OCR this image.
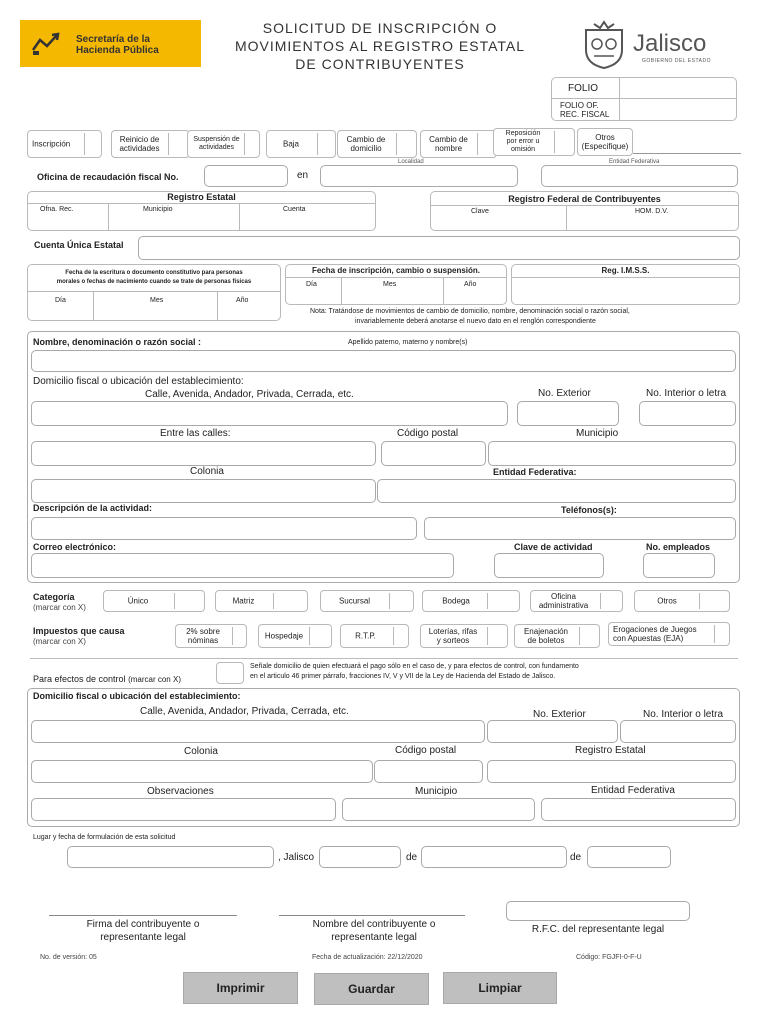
Secretaría de la
Hacienda Pública
SOLICITUD DE INSCRIPCIÓN O
MOVIMIENTOS AL REGISTRO ESTATAL
DE CONTRIBUYENTES
Jalisco
GOBIERNO DEL ESTADO
FOLIO
FOLIO OF.
REC. FISCAL
Inscripción
Reinicio de
actividades
Suspensión de
actividades	Baja
Cambio de
domicilio
Cambio de
nombre
Reposición
por error u
omisión
Otros
(Especifique)
Localidad	Entidad Federativa
Oficina de recaudación fiscal No.	en
Registro Estatal
Ofna. Rec.	Municipio	Cuenta
Registro Federal de Contribuyentes
Clave	HOM. D.V.
Cuenta Única Estatal
Fecha de la escritura o documento constitutivo para personas
morales o fechas de nacimiento cuando se trate de personas físicas
Día	Mes	Año
Fecha de inscripción, cambio o suspensión.
Día	Mes	Año
Reg. I.M.S.S.
Nota: Tratándose de movimientos de cambio de domicilio, nombre, denominación social o razón social,
invariablemente deberá anotarse el nuevo dato en el renglón correspondiente
Nombre, denominación o razón social :	Apellido paterno, materno y nombre(s)
Domicilio fiscal o ubicación del establecimiento:
Calle, Avenida, Andador, Privada, Cerrada, etc.	No. Exterior	No. Interior o letra
Entre las calles:	Código postal	Municipio
Colonia	Entidad Federativa:
Descripción de la actividad:	Teléfonos(s):
Correo electrónico:	Clave de actividad	No. empleados
Categoría
(marcar con X)
Único	Matriz	Sucursal	Bodega
Oficina administrativa
Otros
Impuestos que causa
(marcar con X)
2% sobre
nóminas
Hospedaje	R.T.P.
Loterías, rifas
y sorteos
Enajenación
de boletos
Erogaciones de Juegos
con Apuestas (EJA)
Para efectos de control (marcar con X)
Señale domicilio de quien efectuará el pago sólo en el caso de, y para efectos de control, con fundamento
en el articulo 46 primer párrafo, fracciones IV, V y VII de la Ley de Hacienda del Estado de Jalisco.
Domicilio fiscal o ubicación del establecimiento:
Calle, Avenida, Andador, Privada, Cerrada, etc.	No. Exterior	No. Interior o letra
Colonia	Código postal	Registro Estatal
Observaciones	Municipio	Entidad Federativa
Lugar y fecha de formulación de esta solicitud
, Jalisco	de	de
Firma del contribuyente o
representante legal
Nombre del contribuyente o
representante legal
R.F.C. del representante legal
No. de versión: 05	Fecha de actualización: 22/12/2020	Código: FGJFI-0-F-U
Imprimir	Guardar	Limpiar
